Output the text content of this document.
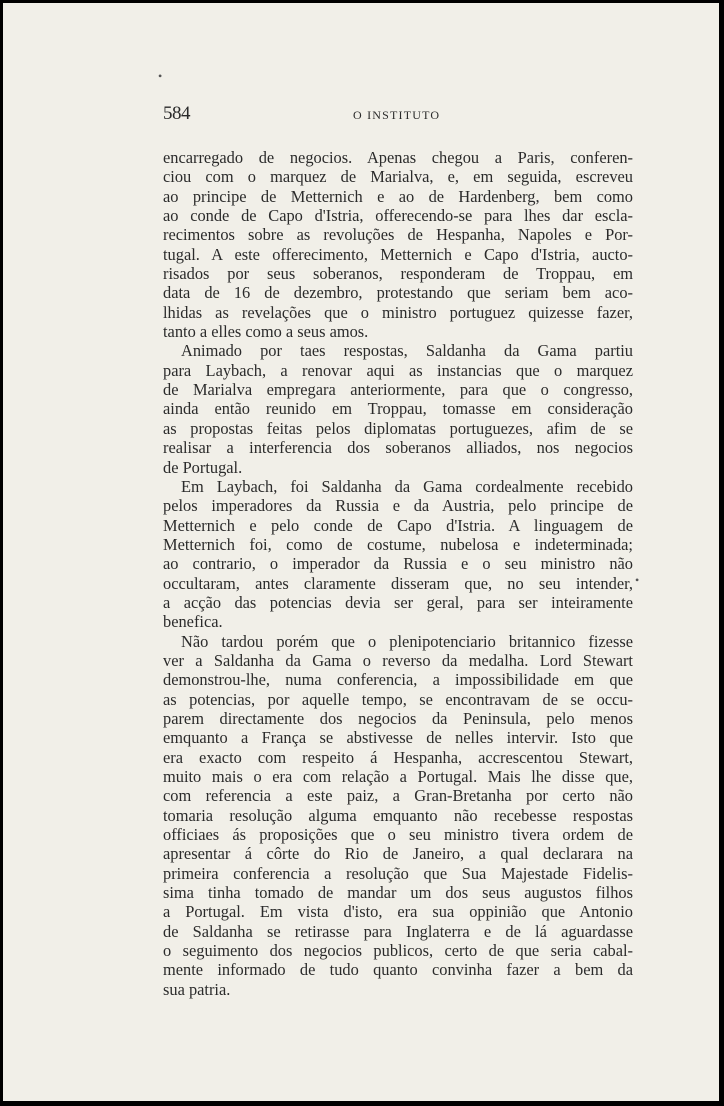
•
584	O INSTITUTO
encarregado de negocios. Apenas chegou a Paris, conferen-
ciou com o marquez de Marialva, e, em seguida, escreveu
ao principe de Metternich e ao de Hardenberg, bem como
ao conde de Capo d'Istria, offerecendo-se para lhes dar escla-
recimentos sobre as revoluções de Hespanha, Napoles e Por-
tugal. A este offerecimento, Metternich e Capo d'Istria, aucto-
risados por seus soberanos, responderam de Troppau, em
data de 16 de dezembro, protestando que seriam bem aco-
lhidas as revelações que o ministro portuguez quizesse fazer,
tanto a elles como a seus amos.
Animado por taes respostas, Saldanha da Gama partiu
para Laybach, a renovar aqui as instancias que o marquez
de Marialva empregara anteriormente, para que o congresso,
ainda então reunido em Troppau, tomasse em consideração
as propostas feitas pelos diplomatas portuguezes, afim de se
realisar a interferencia dos soberanos alliados, nos negocios
de Portugal.
Em Laybach, foi Saldanha da Gama cordealmente recebido
pelos imperadores da Russia e da Austria, pelo principe de
Metternich e pelo conde de Capo d'Istria. A linguagem de
Metternich foi, como de costume, nubelosa e indeterminada;
ao contrario, o imperador da Russia e o seu ministro não
occultaram, antes claramente disseram que, no seu intender,
a acção das potencias devia ser geral, para ser inteiramente
benefica.
Não tardou porém que o plenipotenciario britannico fizesse
ver a Saldanha da Gama o reverso da medalha. Lord Stewart
demonstrou-lhe, numa conferencia, a impossibilidade em que
as potencias, por aquelle tempo, se encontravam de se occu-
parem directamente dos negocios da Peninsula, pelo menos
emquanto a França se abstivesse de nelles intervir. Isto que
era exacto com respeito á Hespanha, accrescentou Stewart,
muito mais o era com relação a Portugal. Mais lhe disse que,
com referencia a este paiz, a Gran-Bretanha por certo não
tomaria resolução alguma emquanto não recebesse respostas
officiaes ás proposições que o seu ministro tivera ordem de
apresentar á côrte do Rio de Janeiro, a qual declarara na
primeira conferencia a resolução que Sua Majestade Fidelis-
sima tinha tomado de mandar um dos seus augustos filhos
a Portugal. Em vista d'isto, era sua oppinião que Antonio
de Saldanha se retirasse para Inglaterra e de lá aguardasse
o seguimento dos negocios publicos, certo de que seria cabal-
mente informado de tudo quanto convinha fazer a bem da
sua patria.
•
